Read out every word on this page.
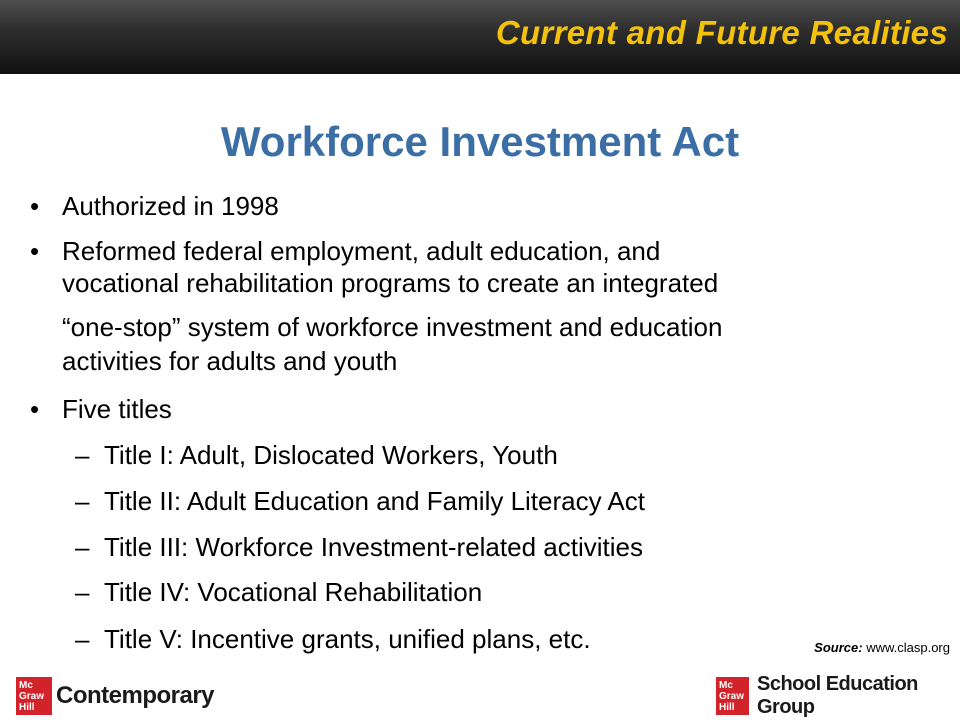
Current and Future Realities
Workforce Investment Act
• Authorized in 1998
• Reformed federal employment, adult education, and
vocational rehabilitation programs to create an integrated
“one-stop” system of workforce investment and education
activities for adults and youth
• Five titles
– Title I: Adult, Dislocated Workers, Youth
– Title II: Adult Education and Family Literacy Act
– Title III: Workforce Investment-related activities
– Title IV: Vocational Rehabilitation
– Title V: Incentive grants, unified plans, etc.	Source: www.clasp.org
Mc
Graw
Hill Contemporary	Mc
Graw
Hill
School Education Group
